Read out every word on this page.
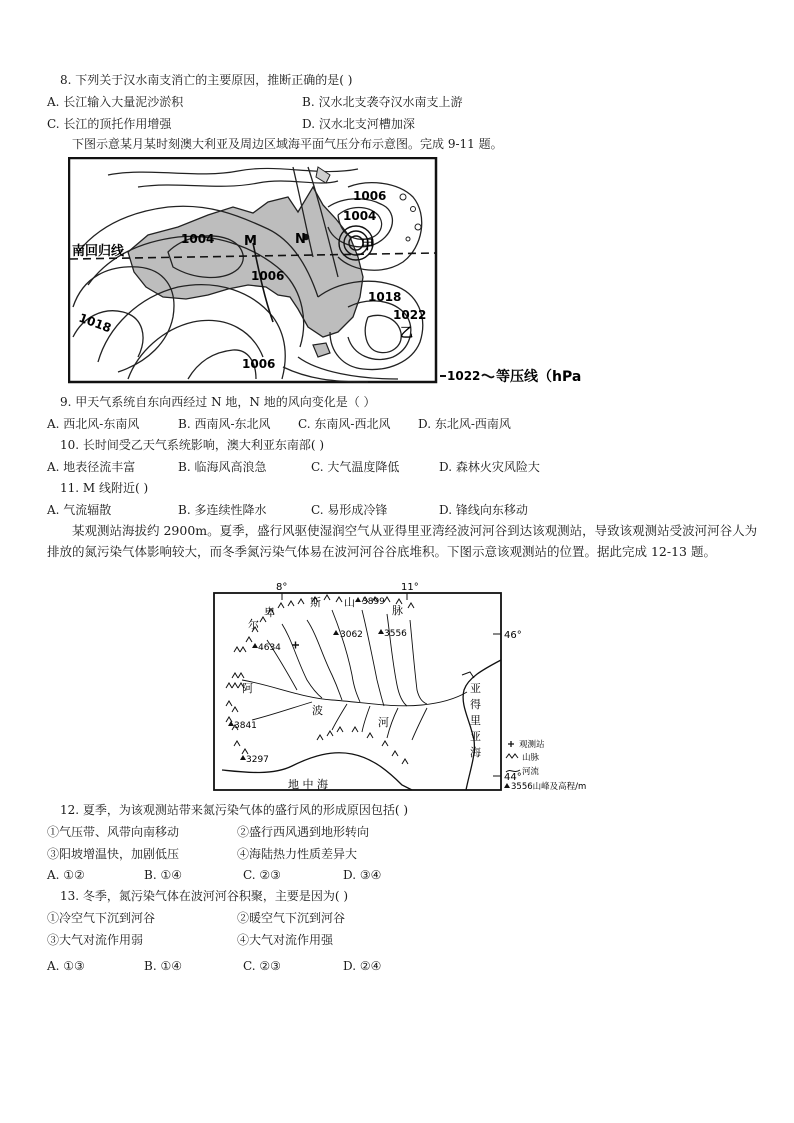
8. 下列关于汉水南支消亡的主要原因，推断正确的是( )
A. 长江输入大量泥沙淤积	B. 汉水北支袭夺汉水南支上游
C. 长江的顶托作用增强	D. 汉水北支河槽加深
下图示意某月某时刻澳大利亚及周边区域海平面气压分布示意图。完成 9-11 题。
南回归线
M	N	甲
乙
1004
1006
1018
1006
1004
1006
1018
1022
1022 等压线（hPa
9. 甲天气系统自东向西经过 N 地，N 地的风向变化是（ ）
A. 西北风-东南风	B. 西南风-东北风 C. 东南风-西北风 D. 东北风-西南风
10. 长时间受乙天气系统影响，澳大利亚东南部( )
A. 地表径流丰富	B. 临海风高浪急	C. 大气温度降低	D. 森林火灾风险大
11. M 线附近( )
A. 气流辐散	B. 多连续性降水	C. 易形成冷锋	D. 锋线向东移动
某观测站海拔约 2900m。夏季，盛行风驱使湿润空气从亚得里亚湾经波河河谷到达该观测站，导致该观测站受波河河谷人为排放的氮污染气体影响较大，而冬季氮污染气体易在波河河谷谷底堆积。下图示意该观测站的位置。据此完成 12-13 题。
8°	11°
46°
44°
阿
尔
卑
斯 山
脉
3899
3062 3556
4634
3841
3297
波
河
地 中 海
亚
得
里
亚
海
观测站
山脉
河流
3556山峰及高程/m
12. 夏季，为该观测站带来氮污染气体的盛行风的形成原因包括( )
①气压带、风带向南移动	②盛行西风遇到地形转向
③阳坡增温快，加剧低压	④海陆热力性质差异大
A. ①②	B. ①④	C. ②③	D. ③④
13. 冬季，氮污染气体在波河河谷积聚，主要是因为( )
①冷空气下沉到河谷	②暖空气下沉到河谷
③大气对流作用弱	④大气对流作用强
A. ①③	B. ①④	C. ②③	D. ②④
